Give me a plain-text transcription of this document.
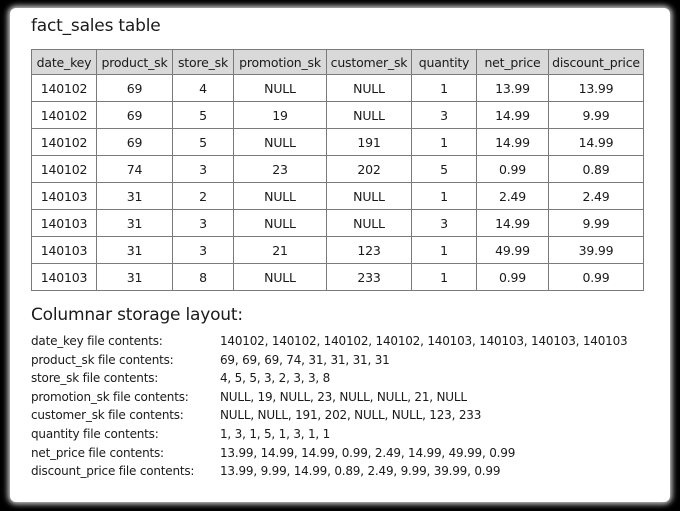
fact_sales table
date_key	product_sk	store_sk	promotion_sk	customer_sk	quantity	net_price	discount_price
140102	69	4	NULL	NULL	1	13.99	13.99
140102	69	5	19	NULL	3	14.99	9.99
140102	69	5	NULL	191	1	14.99	14.99
140102	74	3	23	202	5	0.99	0.89
140103	31	2	NULL	NULL	1	2.49	2.49
140103	31	3	NULL	NULL	3	14.99	9.99
140103	31	3	21	123	1	49.99	39.99
140103	31	8	NULL	233	1	0.99	0.99
Columnar storage layout:
date_key file contents:	140102, 140102, 140102, 140102, 140103, 140103, 140103, 140103
product_sk file contents:	69, 69, 69, 74, 31, 31, 31, 31
store_sk file contents:	4, 5, 5, 3, 2, 3, 3, 8
promotion_sk file contents:	NULL, 19, NULL, 23, NULL, NULL, 21, NULL
customer_sk file contents:	NULL, NULL, 191, 202, NULL, NULL, 123, 233
quantity file contents:	1, 3, 1, 5, 1, 3, 1, 1
net_price file contents:	13.99, 14.99, 14.99, 0.99, 2.49, 14.99, 49.99, 0.99
discount_price file contents:	13.99, 9.99, 14.99, 0.89, 2.49, 9.99, 39.99, 0.99
